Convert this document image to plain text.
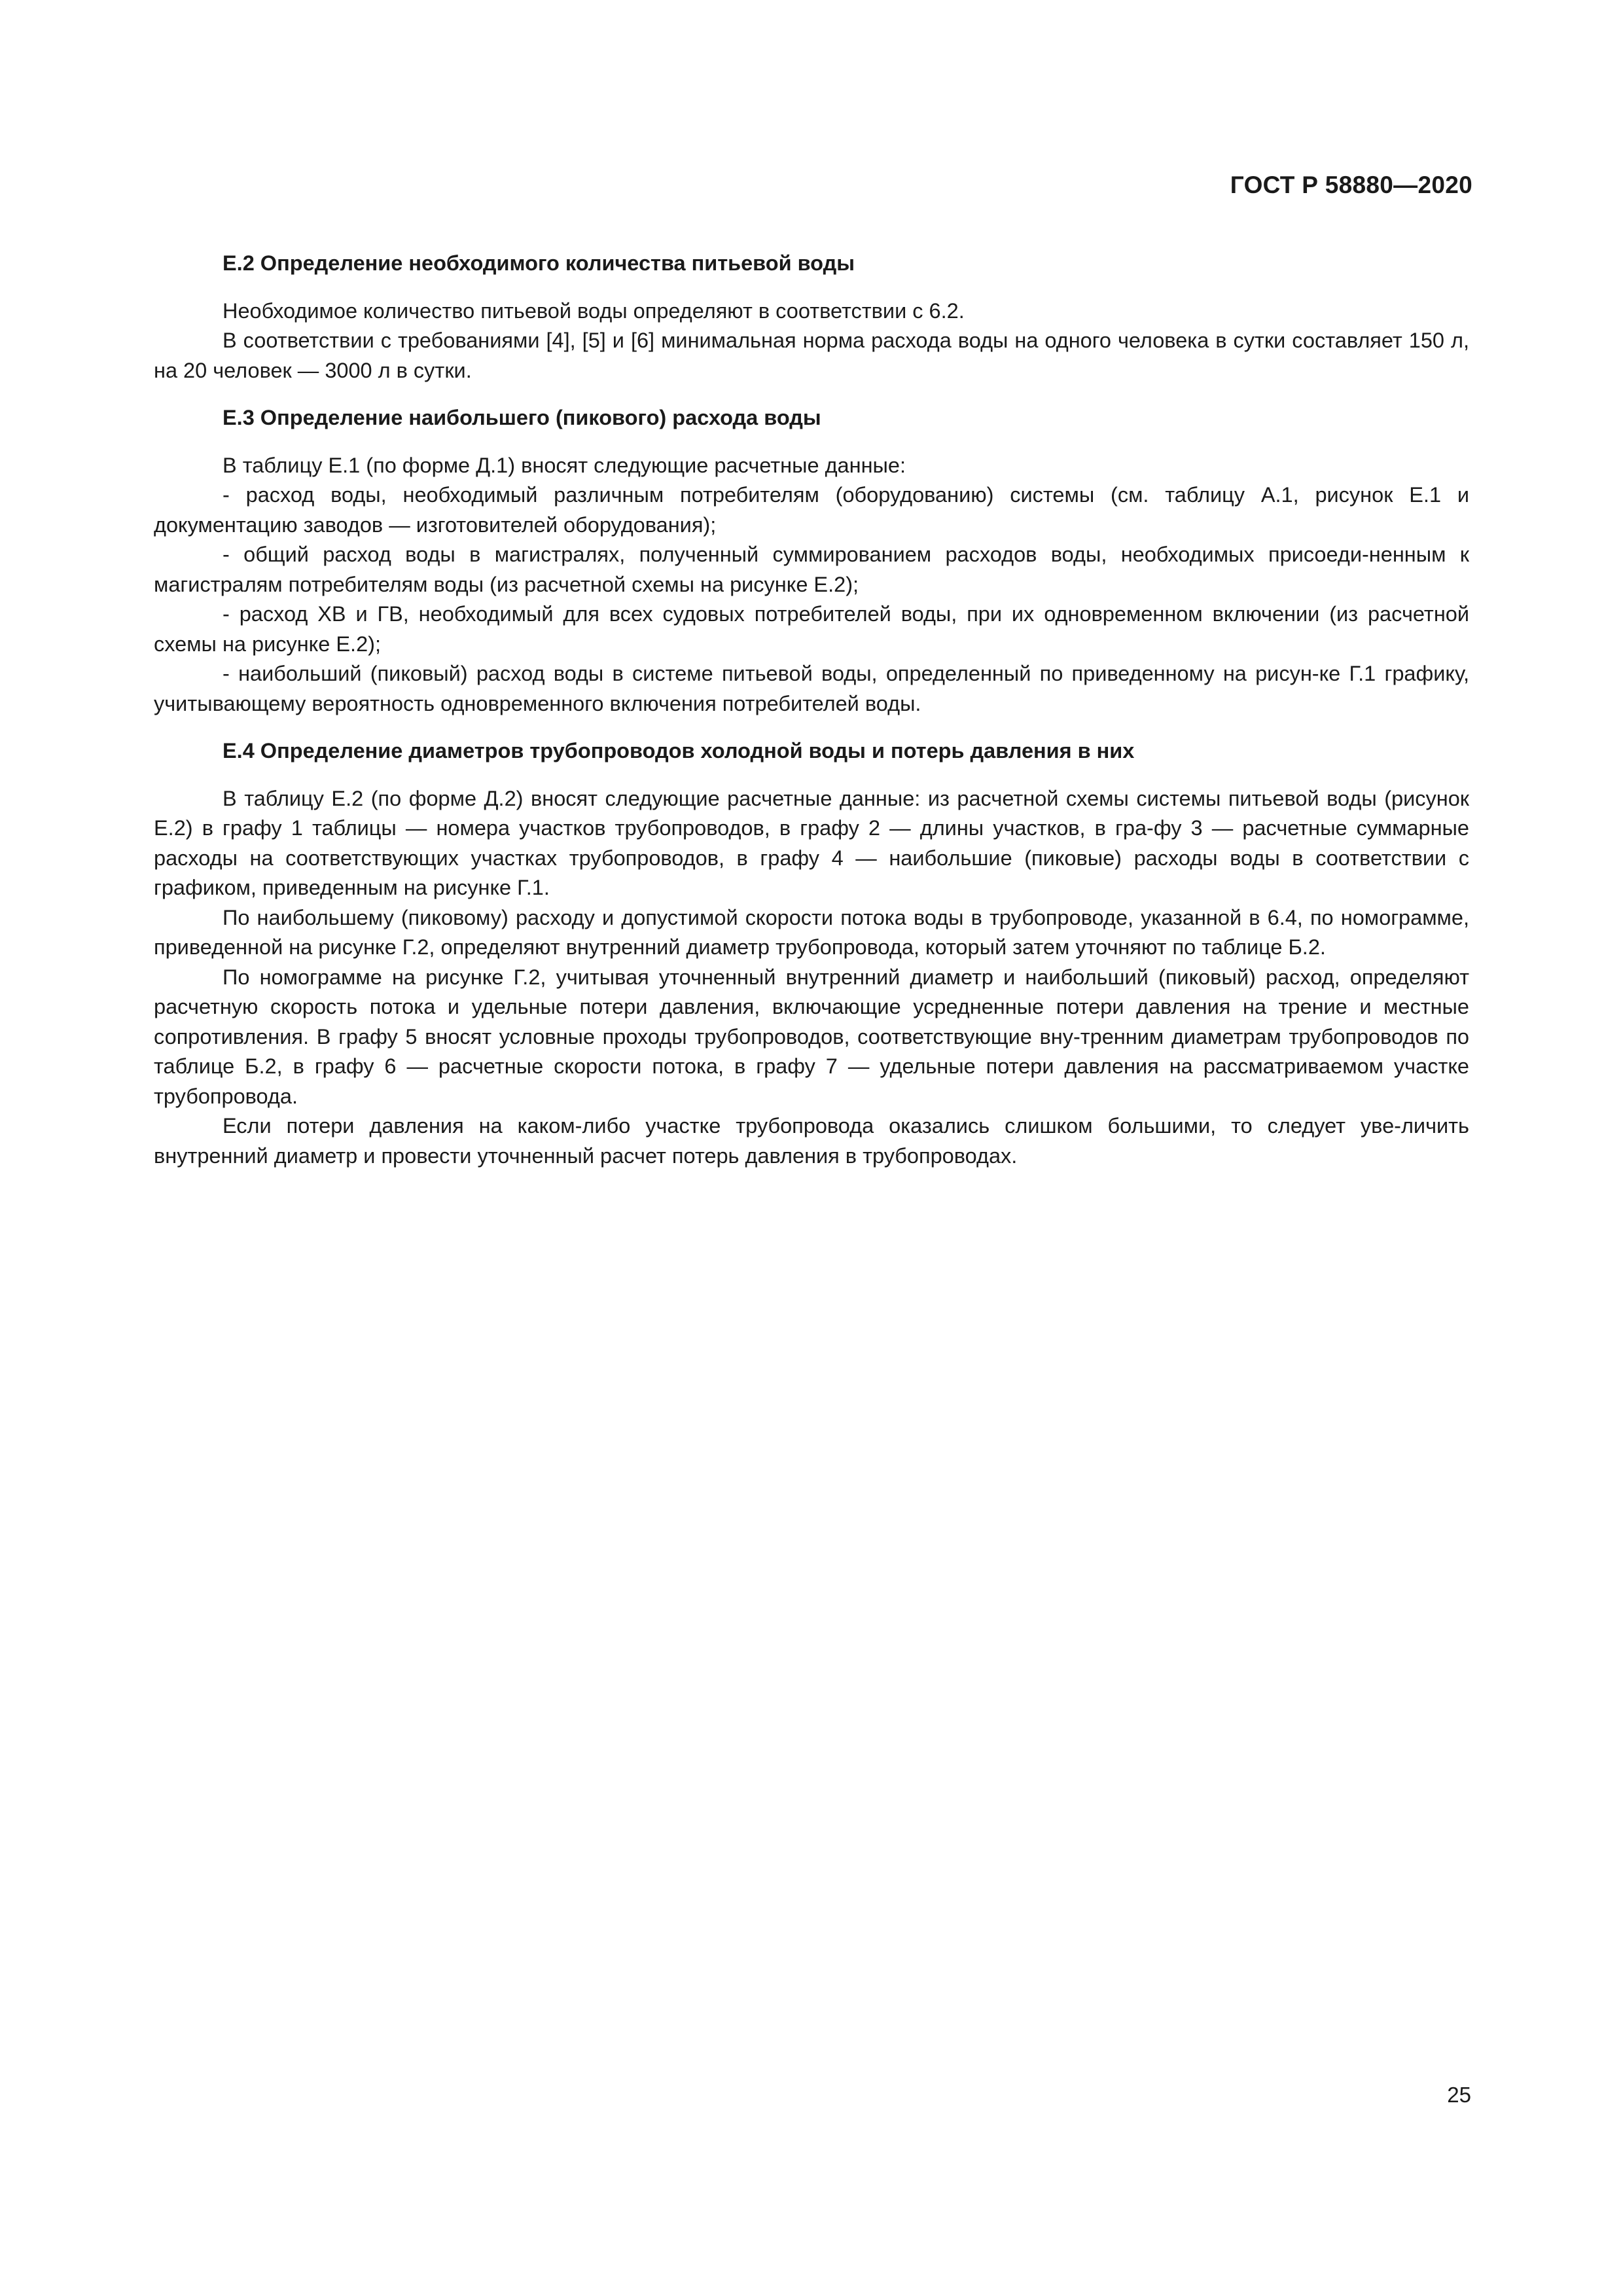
ГОСТ Р 58880—2020

Е.2 Определение необходимого количества питьевой воды

Необходимое количество питьевой воды определяют в соответствии с 6.2.

В соответствии с требованиями [4], [5] и [6] минимальная норма расхода воды на одного человека в сутки составляет 150 л, на 20 человек — 3000 л в сутки.

Е.3 Определение наибольшего (пикового) расхода воды

В таблицу Е.1 (по форме Д.1) вносят следующие расчетные данные:

- расход воды, необходимый различным потребителям (оборудованию) системы (см. таблицу А.1, рисунок Е.1 и документацию заводов — изготовителей оборудования);

- общий расход воды в магистралях, полученный суммированием расходов воды, необходимых присоеди-ненным к магистралям потребителям воды (из расчетной схемы на рисунке Е.2);

- расход ХВ и ГВ, необходимый для всех судовых потребителей воды, при их одновременном включении (из расчетной схемы на рисунке Е.2);

- наибольший (пиковый) расход воды в системе питьевой воды, определенный по приведенному на рисун-ке Г.1 графику, учитывающему вероятность одновременного включения потребителей воды.

Е.4 Определение диаметров трубопроводов холодной воды и потерь давления в них

В таблицу Е.2 (по форме Д.2) вносят следующие расчетные данные: из расчетной схемы системы питьевой воды (рисунок Е.2) в графу 1 таблицы — номера участков трубопроводов, в графу 2 — длины участков, в гра-фу 3 — расчетные суммарные расходы на соответствующих участках трубопроводов, в графу 4 — наибольшие (пиковые) расходы воды в соответствии с графиком, приведенным на рисунке Г.1.

По наибольшему (пиковому) расходу и допустимой скорости потока воды в трубопроводе, указанной в 6.4, по номограмме, приведенной на рисунке Г.2, определяют внутренний диаметр трубопровода, который затем уточняют по таблице Б.2.

По номограмме на рисунке Г.2, учитывая уточненный внутренний диаметр и наибольший (пиковый) расход, определяют расчетную скорость потока и удельные потери давления, включающие усредненные потери давления на трение и местные сопротивления. В графу 5 вносят условные проходы трубопроводов, соответствующие вну-тренним диаметрам трубопроводов по таблице Б.2, в графу 6 — расчетные скорости потока, в графу 7 — удельные потери давления на рассматриваемом участке трубопровода.

Если потери давления на каком-либо участке трубопровода оказались слишком большими, то следует уве-личить внутренний диаметр и провести уточненный расчет потерь давления в трубопроводах.

25
